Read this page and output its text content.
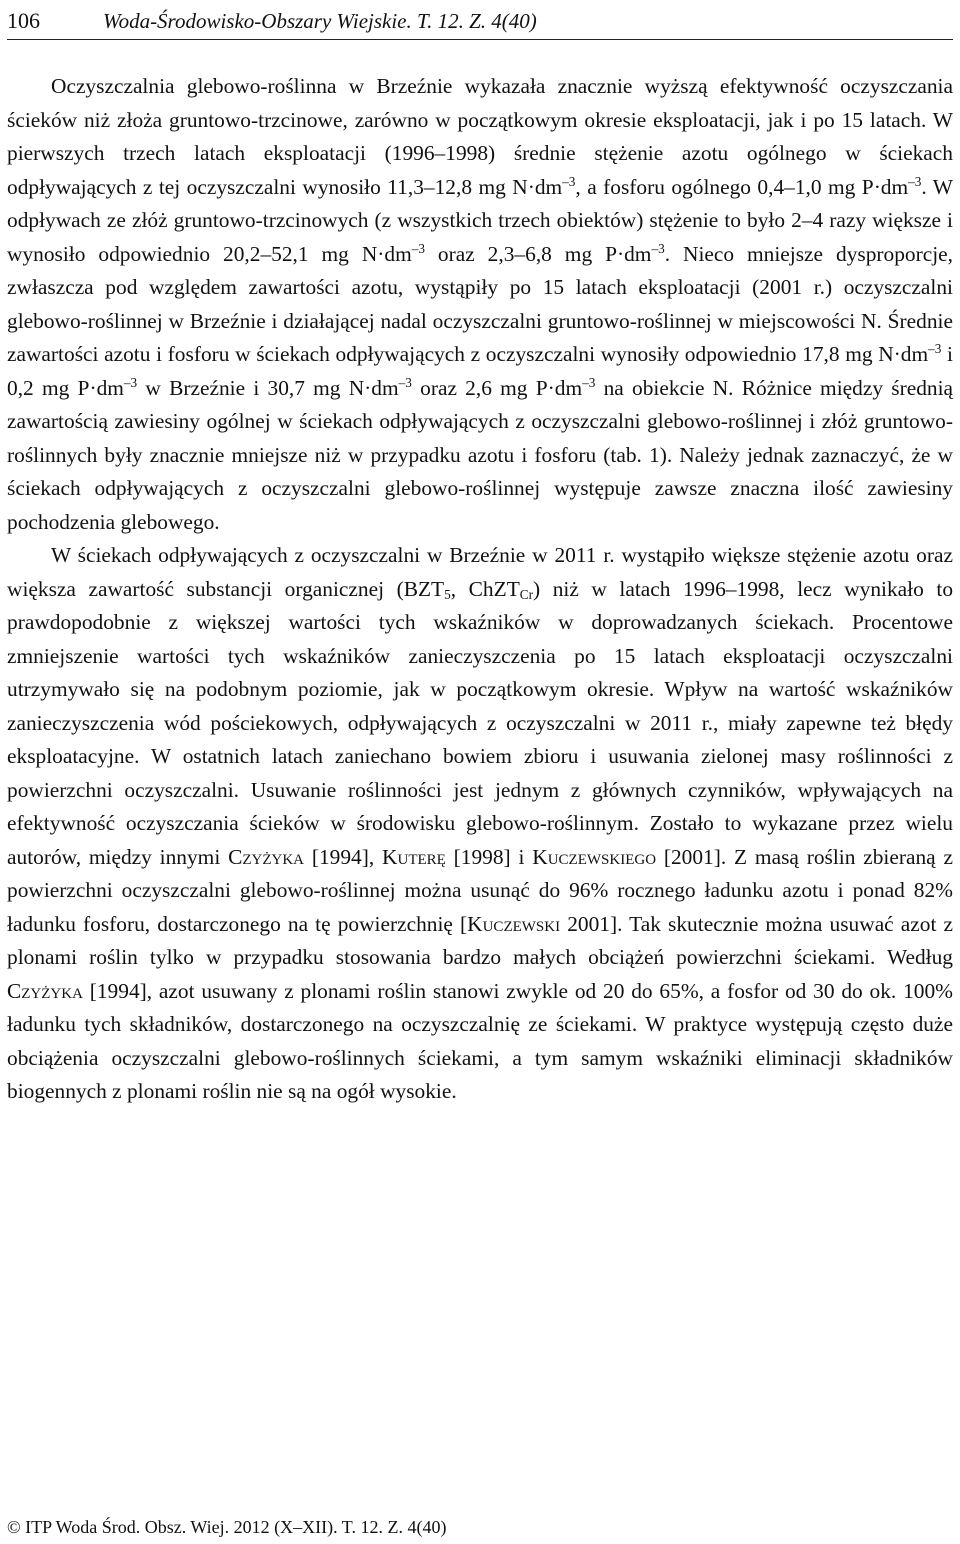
106	Woda-Środowisko-Obszary Wiejskie. T. 12. Z. 4(40)

Oczyszczalnia glebowo-roślinna w Brzeźnie wykazała znacznie wyższą efektywność oczyszczania ścieków niż złoża gruntowo-trzcinowe, zarówno w początkowym okresie eksploatacji, jak i po 15 latach. W pierwszych trzech latach eksploatacji (1996–1998) średnie stężenie azotu ogólnego w ściekach odpływających z tej oczyszczalni wynosiło 11,3–12,8 mg $N\cdot dm^{-3}$, a fosforu ogólnego 0,4–1,0 mg $P\cdot dm^{-3}$. W odpływach ze złóż gruntowo-trzcinowych (z wszystkich trzech obiektów) stężenie to było 2–4 razy większe i wynosiło odpowiednio 20,2–52,1 mg $N\cdot dm^{-3}$ oraz 2,3–6,8 mg $P\cdot dm^{-3}$. Nieco mniejsze dysproporcje, zwłaszcza pod względem zawartości azotu, wystąpiły po 15 latach eksploatacji (2001 r.) oczyszczalni glebowo-roślinnej w Brzeźnie i działającej nadal oczyszczalni gruntowo-roślinnej w miejscowości N. Średnie zawartości azotu i fosforu w ściekach odpływających z oczyszczalni wynosiły odpowiednio 17,8 mg $N\cdot dm^{-3}$ i 0,2 mg $P\cdot dm^{-3}$ w Brzeźnie i 30,7 mg $N\cdot dm^{-3}$ oraz 2,6 mg $P\cdot dm^{-3}$ na obiekcie N. Różnice między średnią zawartością zawiesiny ogólnej w ściekach odpływających z oczyszczalni glebowo-roślinnej i złóż gruntowo-roślinnych były znacznie mniejsze niż w przypadku azotu i fosforu (tab. 1). Należy jednak zaznaczyć, że w ściekach odpływających z oczyszczalni glebowo-roślinnej występuje zawsze znaczna ilość zawiesiny pochodzenia glebowego.

W ściekach odpływających z oczyszczalni w Brzeźnie w 2011 r. wystąpiło większe stężenie azotu oraz większa zawartość substancji organicznej ($BZT_5$, ChZT$_{Cr}$) niż w latach 1996–1998, lecz wynikało to prawdopodobnie z większej wartości tych wskaźników w doprowadzanych ściekach. Procentowe zmniejszenie wartości tych wskaźników zanieczyszczenia po 15 latach eksploatacji oczyszczalni utrzymywało się na podobnym poziomie, jak w początkowym okresie. Wpływ na wartość wskaźników zanieczyszczenia wód pościekowych, odpływających z oczyszczalni w 2011 r., miały zapewne też błędy eksploatacyjne. W ostatnich latach zaniechano bowiem zbioru i usuwania zielonej masy roślinności z powierzchni oczyszczalni. Usuwanie roślinności jest jednym z głównych czynników, wpływających na efektywność oczyszczania ścieków w środowisku glebowo-roślinnym. Zostało to wykazane przez wielu autorów, między innymi Czyżyka [1994], Kuterę [1998] i Kuczewskiego [2001]. Z masą roślin zbieraną z powierzchni oczyszczalni glebowo-roślinnej można usunąć do 96% rocznego ładunku azotu i ponad 82% ładunku fosforu, dostarczonego na tę powierzchnię [Kuczewski 2001]. Tak skutecznie można usuwać azot z plonami roślin tylko w przypadku stosowania bardzo małych obciążeń powierzchni ściekami. Według Czyżyka [1994], azot usuwany z plonami roślin stanowi zwykle od 20 do 65%, a fosfor od 30 do ok. 100% ładunku tych składników, dostarczonego na oczyszczalnię ze ściekami. W praktyce występują często duże obciążenia oczyszczalni glebowo-roślinnych ściekami, a tym samym wskaźniki eliminacji składników biogennych z plonami roślin nie są na ogół wysokie.

© ITP Woda Środ. Obsz. Wiej. 2012 (X–XII). T. 12. Z. 4(40)
